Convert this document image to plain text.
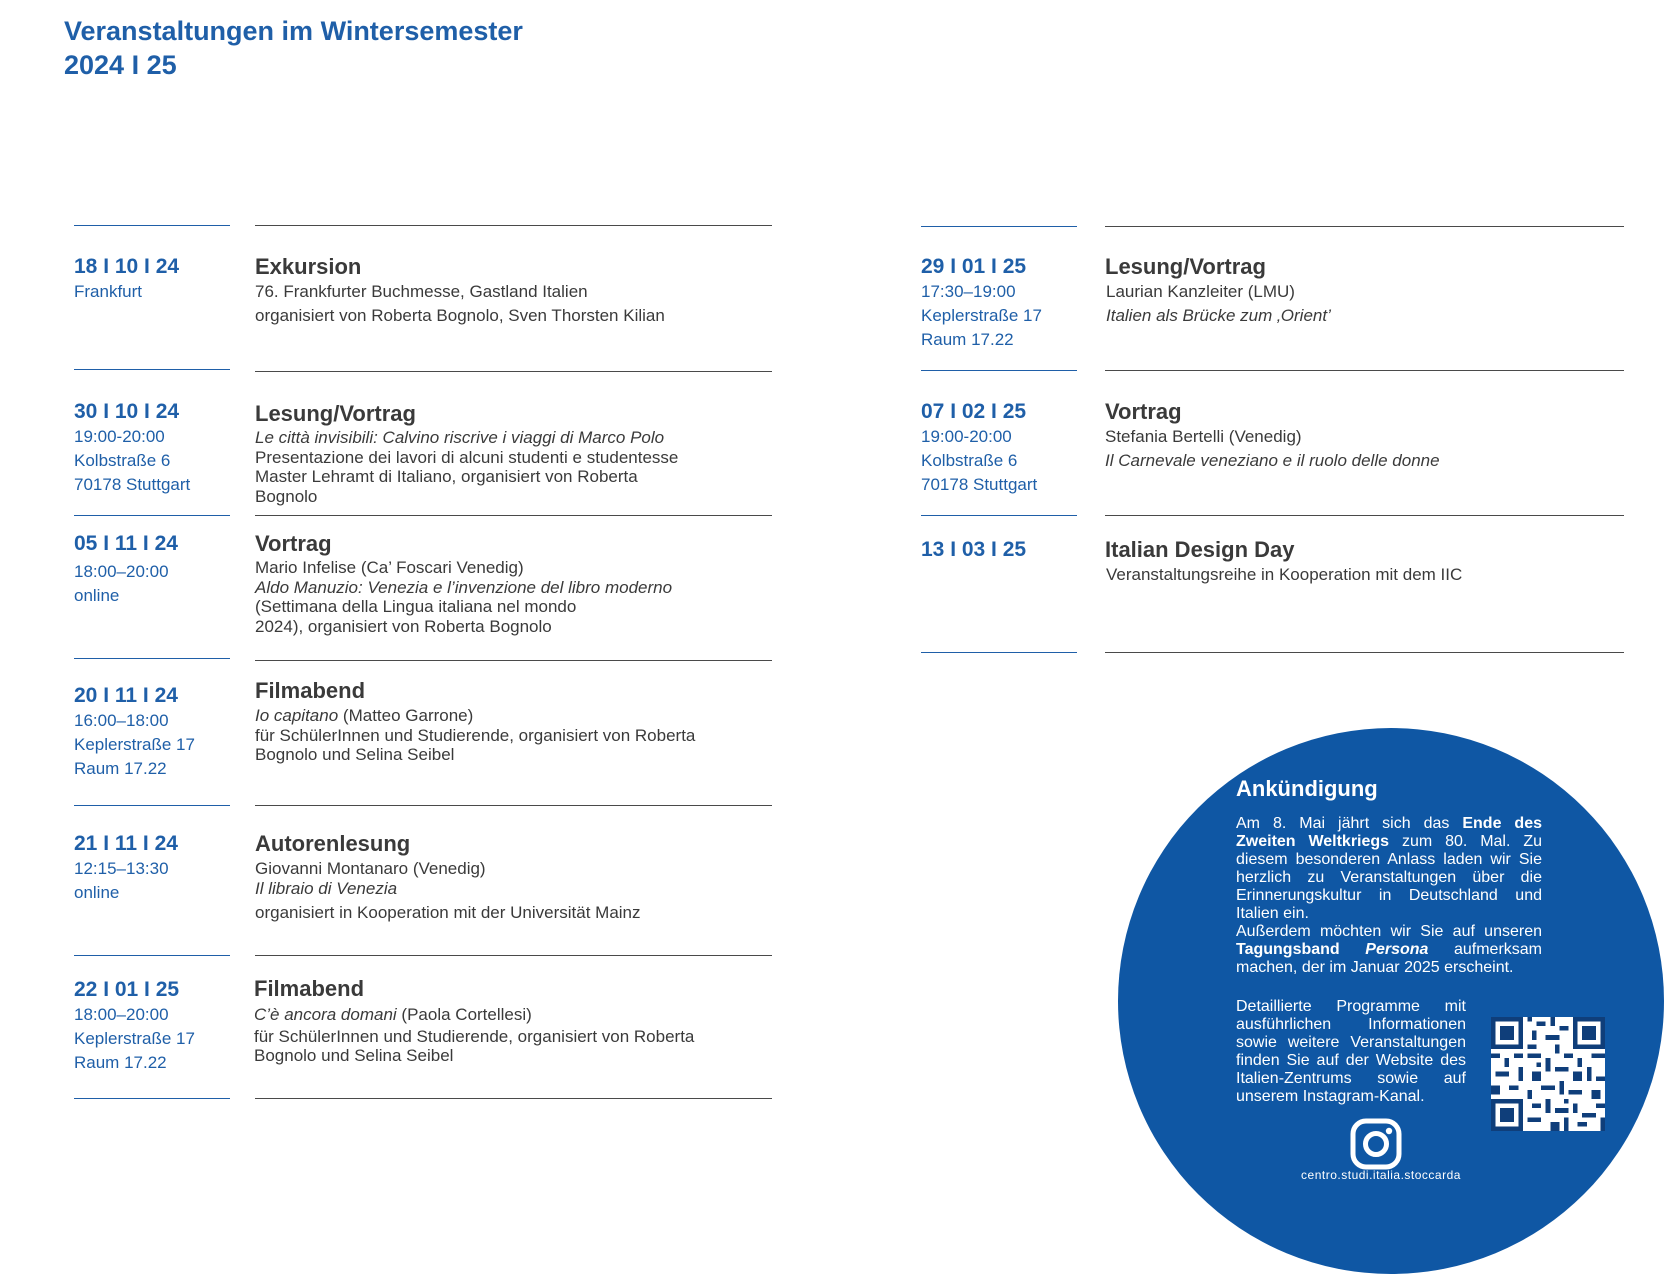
Veranstaltungen im Wintersemester
2024 I 25
18 I 10 I 24
Frankfurt
Exkursion
76. Frankfurter Buchmesse, Gastland Italien
organisiert von Roberta Bognolo, Sven Thorsten Kilian
30 I 10 I 24
19:00-20:00
Kolbstraße 6
70178 Stuttgart
Lesung/Vortrag
Le città invisibili: Calvino riscrive i viaggi di Marco Polo
Presentazione dei lavori di alcuni studenti e studentesse
Master Lehramt di Italiano, organisiert von Roberta
Bognolo
05 I 11 I 24
18:00–20:00
online
Vortrag
Mario Infelise (Ca’ Foscari Venedig)
Aldo Manuzio: Venezia e l’invenzione del libro moderno
(Settimana della Lingua italiana nel mondo
2024), organisiert von Roberta Bognolo
20 I 11 I 24
16:00–18:00
Keplerstraße 17
Raum 17.22
Filmabend
Io capitano (Matteo Garrone)
für SchülerInnen und Studierende, organisiert von Roberta
Bognolo und Selina Seibel
21 I 11 I 24
12:15–13:30
online
Autorenlesung
Giovanni Montanaro (Venedig)
Il libraio di Venezia
organisiert in Kooperation mit der Universität Mainz
22 I 01 I 25
18:00–20:00
Keplerstraße 17
Raum 17.22
Filmabend
C’è ancora domani (Paola Cortellesi)
für SchülerInnen und Studierende, organisiert von Roberta
Bognolo und Selina Seibel
29 I 01 I 25
17:30–19:00
Keplerstraße 17
Raum 17.22
Lesung/Vortrag
Laurian Kanzleiter (LMU)
Italien als Brücke zum ‚Orient’
07 I 02 I 25
19:00-20:00
Kolbstraße 6
70178 Stuttgart
Vortrag
Stefania Bertelli (Venedig)
Il Carnevale veneziano e il ruolo delle donne
13 I 03 I 25	Italian Design Day
Veranstaltungsreihe in Kooperation mit dem IIC
Ankündigung
Am 8. Mai jährt sich das Ende des Zweiten Weltkriegs zum 80. Mal. Zu diesem besonderen Anlass laden wir Sie herzlich zu Veranstaltungen über die Erinnerungskultur in Deutschland und Italien ein.
Außerdem möchten wir Sie auf unseren Tagungsband Persona aufmerksam machen, der im Januar 2025 erscheint.
Detaillierte Programme mit ausführlichen Informationen sowie weitere Veranstaltungen finden Sie auf der Website des Italien-Zentrums sowie auf unserem Instagram-Kanal.
centro.studi.italia.stoccarda
